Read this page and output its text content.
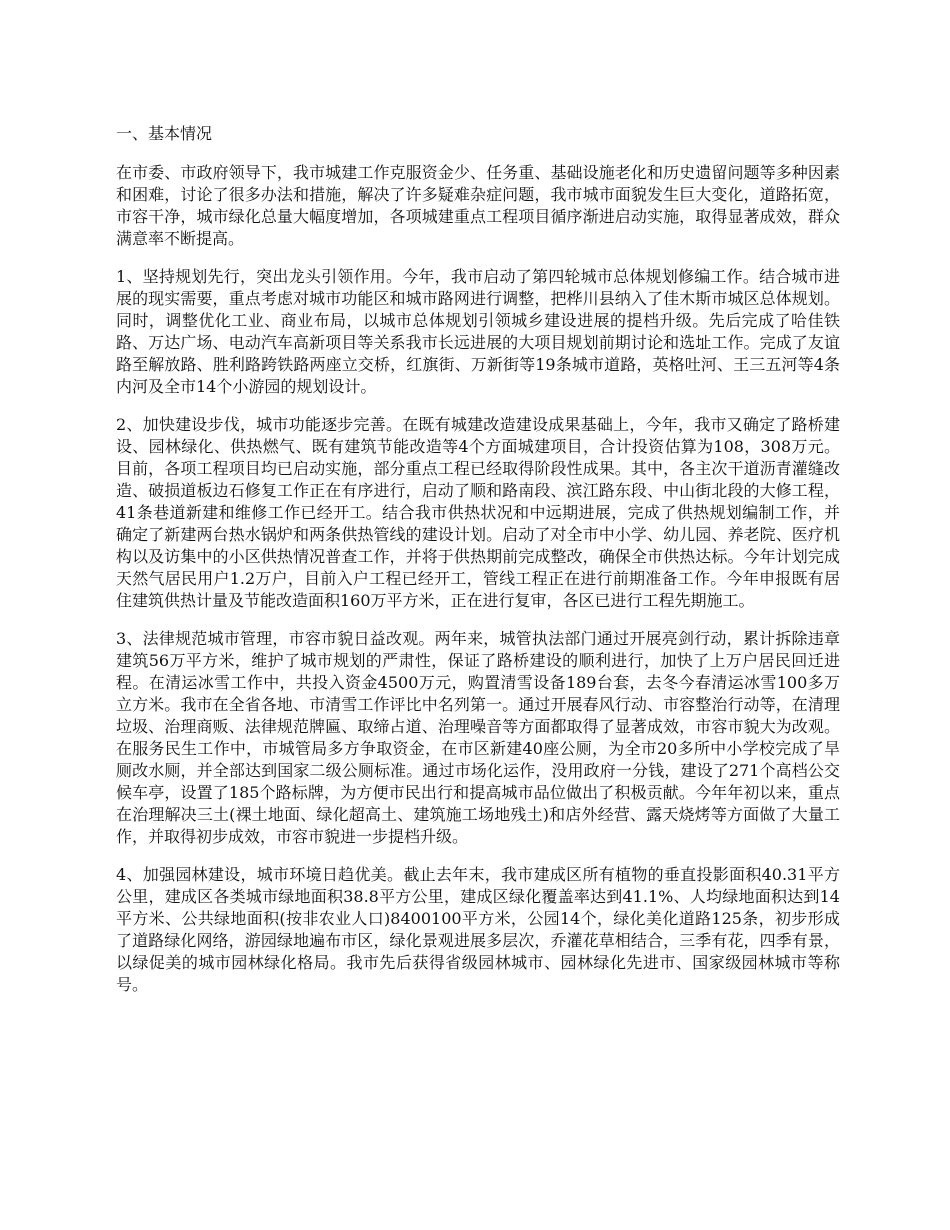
一、基本情况

在市委、市政府领导下，我市城建工作克服资金少、任务重、基础设施老化和历史遗留问题等多种因素和困难，讨论了很多办法和措施，解决了许多疑难杂症问题，我市城市面貌发生巨大变化，道路拓宽，市容干净，城市绿化总量大幅度增加，各项城建重点工程项目循序渐进启动实施，取得显著成效，群众满意率不断提高。

1、坚持规划先行，突出龙头引领作用。今年，我市启动了第四轮城市总体规划修编工作。结合城市进展的现实需要，重点考虑对城市功能区和城市路网进行调整，把桦川县纳入了佳木斯市城区总体规划。同时，调整优化工业、商业布局，以城市总体规划引领城乡建设进展的提档升级。先后完成了哈佳铁路、万达广场、电动汽车高新项目等关系我市长远进展的大项目规划前期讨论和选址工作。完成了友谊路至解放路、胜利路跨铁路两座立交桥，红旗街、万新街等19条城市道路，英格吐河、王三五河等4条内河及全市14个小游园的规划设计。

2、加快建设步伐，城市功能逐步完善。在既有城建改造建设成果基础上，今年，我市又确定了路桥建设、园林绿化、供热燃气、既有建筑节能改造等4个方面城建项目，合计投资估算为108，308万元。目前，各项工程项目均已启动实施，部分重点工程已经取得阶段性成果。其中，各主次干道沥青灌缝改造、破损道板边石修复工作正在有序进行，启动了顺和路南段、滨江路东段、中山街北段的大修工程，41条巷道新建和维修工作已经开工。结合我市供热状况和中远期进展，完成了供热规划编制工作，并确定了新建两台热水锅炉和两条供热管线的建设计划。启动了对全市中小学、幼儿园、养老院、医疗机构以及访集中的小区供热情况普查工作，并将于供热期前完成整改，确保全市供热达标。今年计划完成天然气居民用户1.2万户，目前入户工程已经开工，管线工程正在进行前期准备工作。今年申报既有居住建筑供热计量及节能改造面积160万平方米，正在进行复审，各区已进行工程先期施工。

3、法律规范城市管理，市容市貌日益改观。两年来，城管执法部门通过开展亮剑行动，累计拆除违章建筑56万平方米，维护了城市规划的严肃性，保证了路桥建设的顺利进行，加快了上万户居民回迁进程。在清运冰雪工作中，共投入资金4500万元，购置清雪设备189台套，去冬今春清运冰雪100多万立方米。我市在全省各地、市清雪工作评比中名列第一。通过开展春风行动、市容整治行动等，在清理垃圾、治理商贩、法律规范牌匾、取缔占道、治理噪音等方面都取得了显著成效，市容市貌大为改观。在服务民生工作中，市城管局多方争取资金，在市区新建40座公厕，为全市20多所中小学校完成了旱厕改水厕，并全部达到国家二级公厕标准。通过市场化运作，没用政府一分钱，建设了271个高档公交候车亭，设置了185个路标牌，为方便市民出行和提高城市品位做出了积极贡献。今年年初以来，重点在治理解决三土(裸土地面、绿化超高土、建筑施工场地残土)和店外经营、露天烧烤等方面做了大量工作，并取得初步成效，市容市貌进一步提档升级。

4、加强园林建设，城市环境日趋优美。截止去年末，我市建成区所有植物的垂直投影面积40.31平方公里，建成区各类城市绿地面积38.8平方公里，建成区绿化覆盖率达到41.1%、人均绿地面积达到14平方米、公共绿地面积(按非农业人口)8400100平方米，公园14个，绿化美化道路125条，初步形成了道路绿化网络，游园绿地遍布市区，绿化景观进展多层次，乔灌花草相结合，三季有花，四季有景，以绿促美的城市园林绿化格局。我市先后获得省级园林城市、园林绿化先进市、国家级园林城市等称号。
